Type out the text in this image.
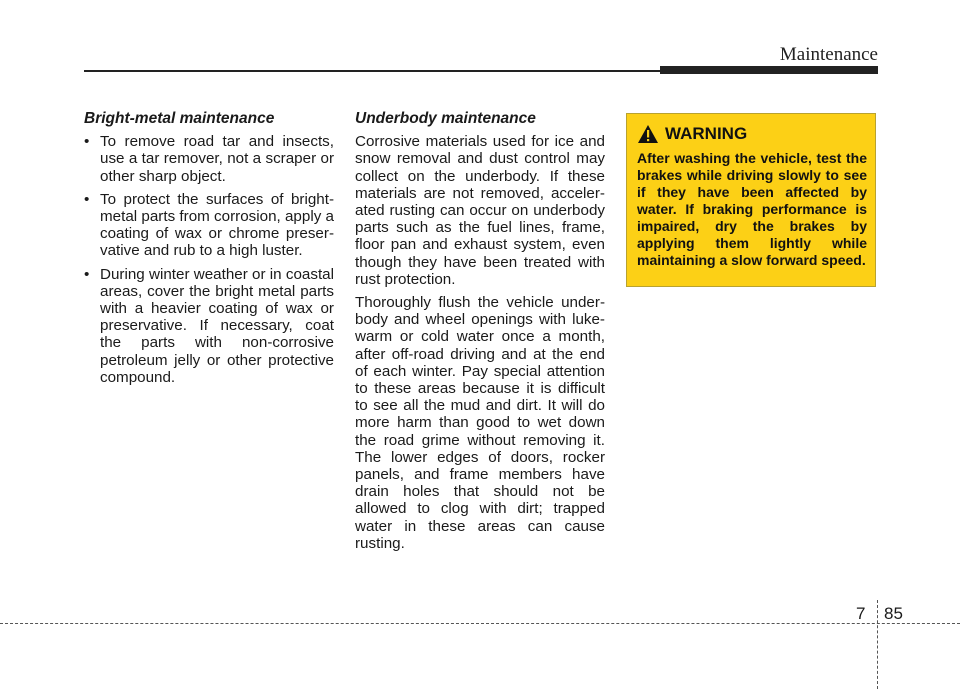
Maintenance
Bright-metal maintenance
• To remove road tar and insects, use a tar remover, not a scraper or other sharp object.
• To protect the surfaces of bright-metal parts from corrosion, apply a coating of wax or chrome preser-vative and rub to a high luster.
• During winter weather or in coastal areas, cover the bright metal parts with a heavier coating of wax or preservative. If necessary, coat the parts with non-corrosive petroleum jelly or other protective compound.
Underbody maintenance

Corrosive materials used for ice and snow removal and dust control may collect on the underbody. If these materials are not removed, acceler-ated rusting can occur on underbody parts such as the fuel lines, frame, floor pan and exhaust system, even though they have been treated with rust protection.

Thoroughly flush the vehicle under-body and wheel openings with luke-warm or cold water once a month, after off-road driving and at the end of each winter. Pay special attention to these areas because it is difficult to see all the mud and dirt. It will do more harm than good to wet down the road grime without removing it. The lower edges of doors, rocker panels, and frame members have drain holes that should not be allowed to clog with dirt; trapped water in these areas can cause rusting.

WARNING
After washing the vehicle, test the brakes while driving slowly to see if they have been affected by water. If braking performance is impaired, dry the brakes by applying them lightly while maintaining a slow forward speed.
7 85
